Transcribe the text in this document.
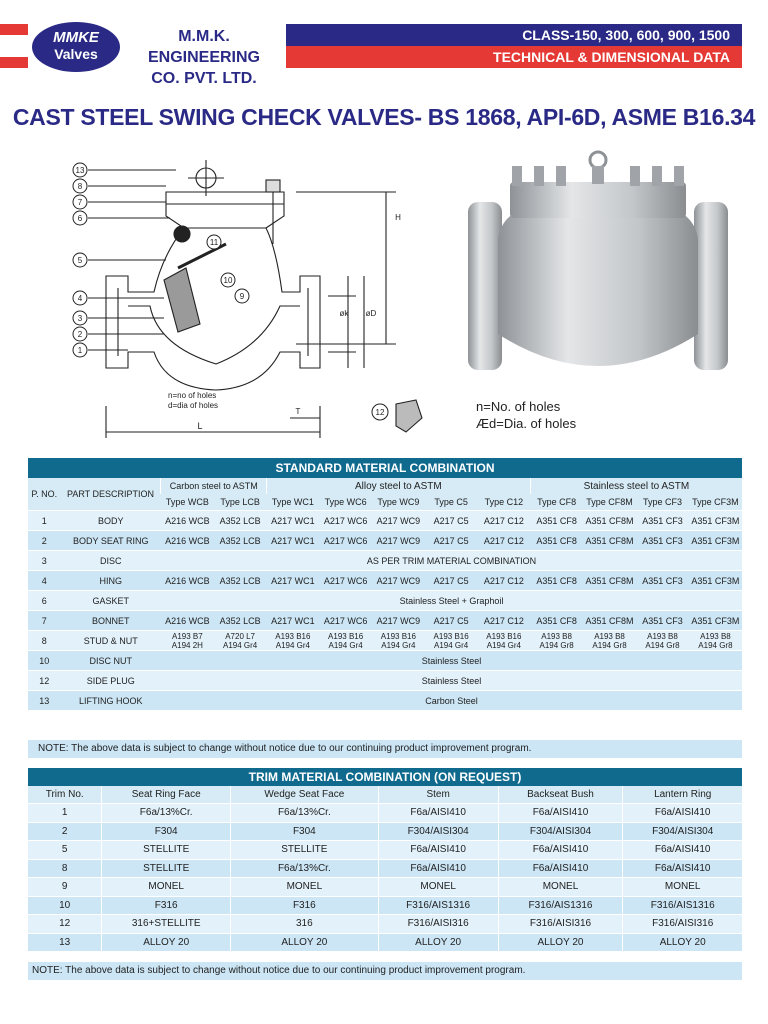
MMKE
Valves
M.M.K. ENGINEERING
CO. PVT. LTD.
CLASS-150, 300, 600, 900, 1500
TECHNICAL & DIMENSIONAL DATA
CAST STEEL SWING CHECK VALVES- BS 1868, API-6D, ASME B16.34
13
8
7
6
5
4
3
2
1
11
10
9
12
H
øk øD
L
T
n=no of holes
d=dia of holes	n=No. of holes
Æd=Dia. of holes
STANDARD MATERIAL COMBINATION												
P. NO.	PART DESCRIPTION	Carbon steel to ASTM		Alloy steel to ASTM					Stainless steel to ASTM			
		Type WCB	Type LCB	Type WC1	Type WC6	Type WC9	Type C5	Type C12	Type CF8	Type CF8M	Type CF3	Type CF3M
1	BODY	A216 WCB	A352 LCB	A217 WC1	A217 WC6	A217 WC9	A217 C5	A217 C12	A351 CF8	A351 CF8M	A351 CF3	A351 CF3M
2	BODY SEAT RING	A216 WCB	A352 LCB	A217 WC1	A217 WC6	A217 WC9	A217 C5	A217 C12	A351 CF8	A351 CF8M	A351 CF3	A351 CF3M
3	DISC	AS PER TRIM MATERIAL COMBINATION										
4	HING	A216 WCB	A352 LCB	A217 WC1	A217 WC6	A217 WC9	A217 C5	A217 C12	A351 CF8	A351 CF8M	A351 CF3	A351 CF3M
6	GASKET	Stainless Steel + Graphoil										
7	BONNET	A216 WCB	A352 LCB	A217 WC1	A217 WC6	A217 WC9	A217 C5	A217 C12	A351 CF8	A351 CF8M	A351 CF3	A351 CF3M
8	STUD & NUT	A193 B7 A194 2H	A720 L7 A194 Gr4	A193 B16 A194 Gr4	A193 B16 A194 Gr4	A193 B16 A194 Gr4	A193 B16 A194 Gr4	A193 B16 A194 Gr4	A193 B8 A194 Gr8	A193 B8 A194 Gr8	A193 B8 A194 Gr8	A193 B8 A194 Gr8
10	DISC NUT	Stainless Steel										
12	SIDE PLUG	Stainless Steel										
13	LIFTING HOOK	Carbon Steel										
NOTE: The above data is subject to change without notice due to our continuing product improvement program.
TRIM MATERIAL COMBINATION (ON REQUEST)					
Trim No.	Seat Ring Face	Wedge Seat Face	Stem	Backseat Bush	Lantern Ring
1	F6a/13%Cr.	F6a/13%Cr.	F6a/AISI410	F6a/AISI410	F6a/AISI410
2	F304	F304	F304/AISI304	F304/AISI304	F304/AISI304
5	STELLITE	STELLITE	F6a/AISI410	F6a/AISI410	F6a/AISI410
8	STELLITE	F6a/13%Cr.	F6a/AISI410	F6a/AISI410	F6a/AISI410
9	MONEL	MONEL	MONEL	MONEL	MONEL
10	F316	F316	F316/AIS1316	F316/AIS1316	F316/AIS1316
12	316+STELLITE	316	F316/AISI316	F316/AISI316	F316/AISI316
13	ALLOY 20	ALLOY 20	ALLOY 20	ALLOY 20	ALLOY 20
NOTE: The above data is subject to change without notice due to our continuing product improvement program.
